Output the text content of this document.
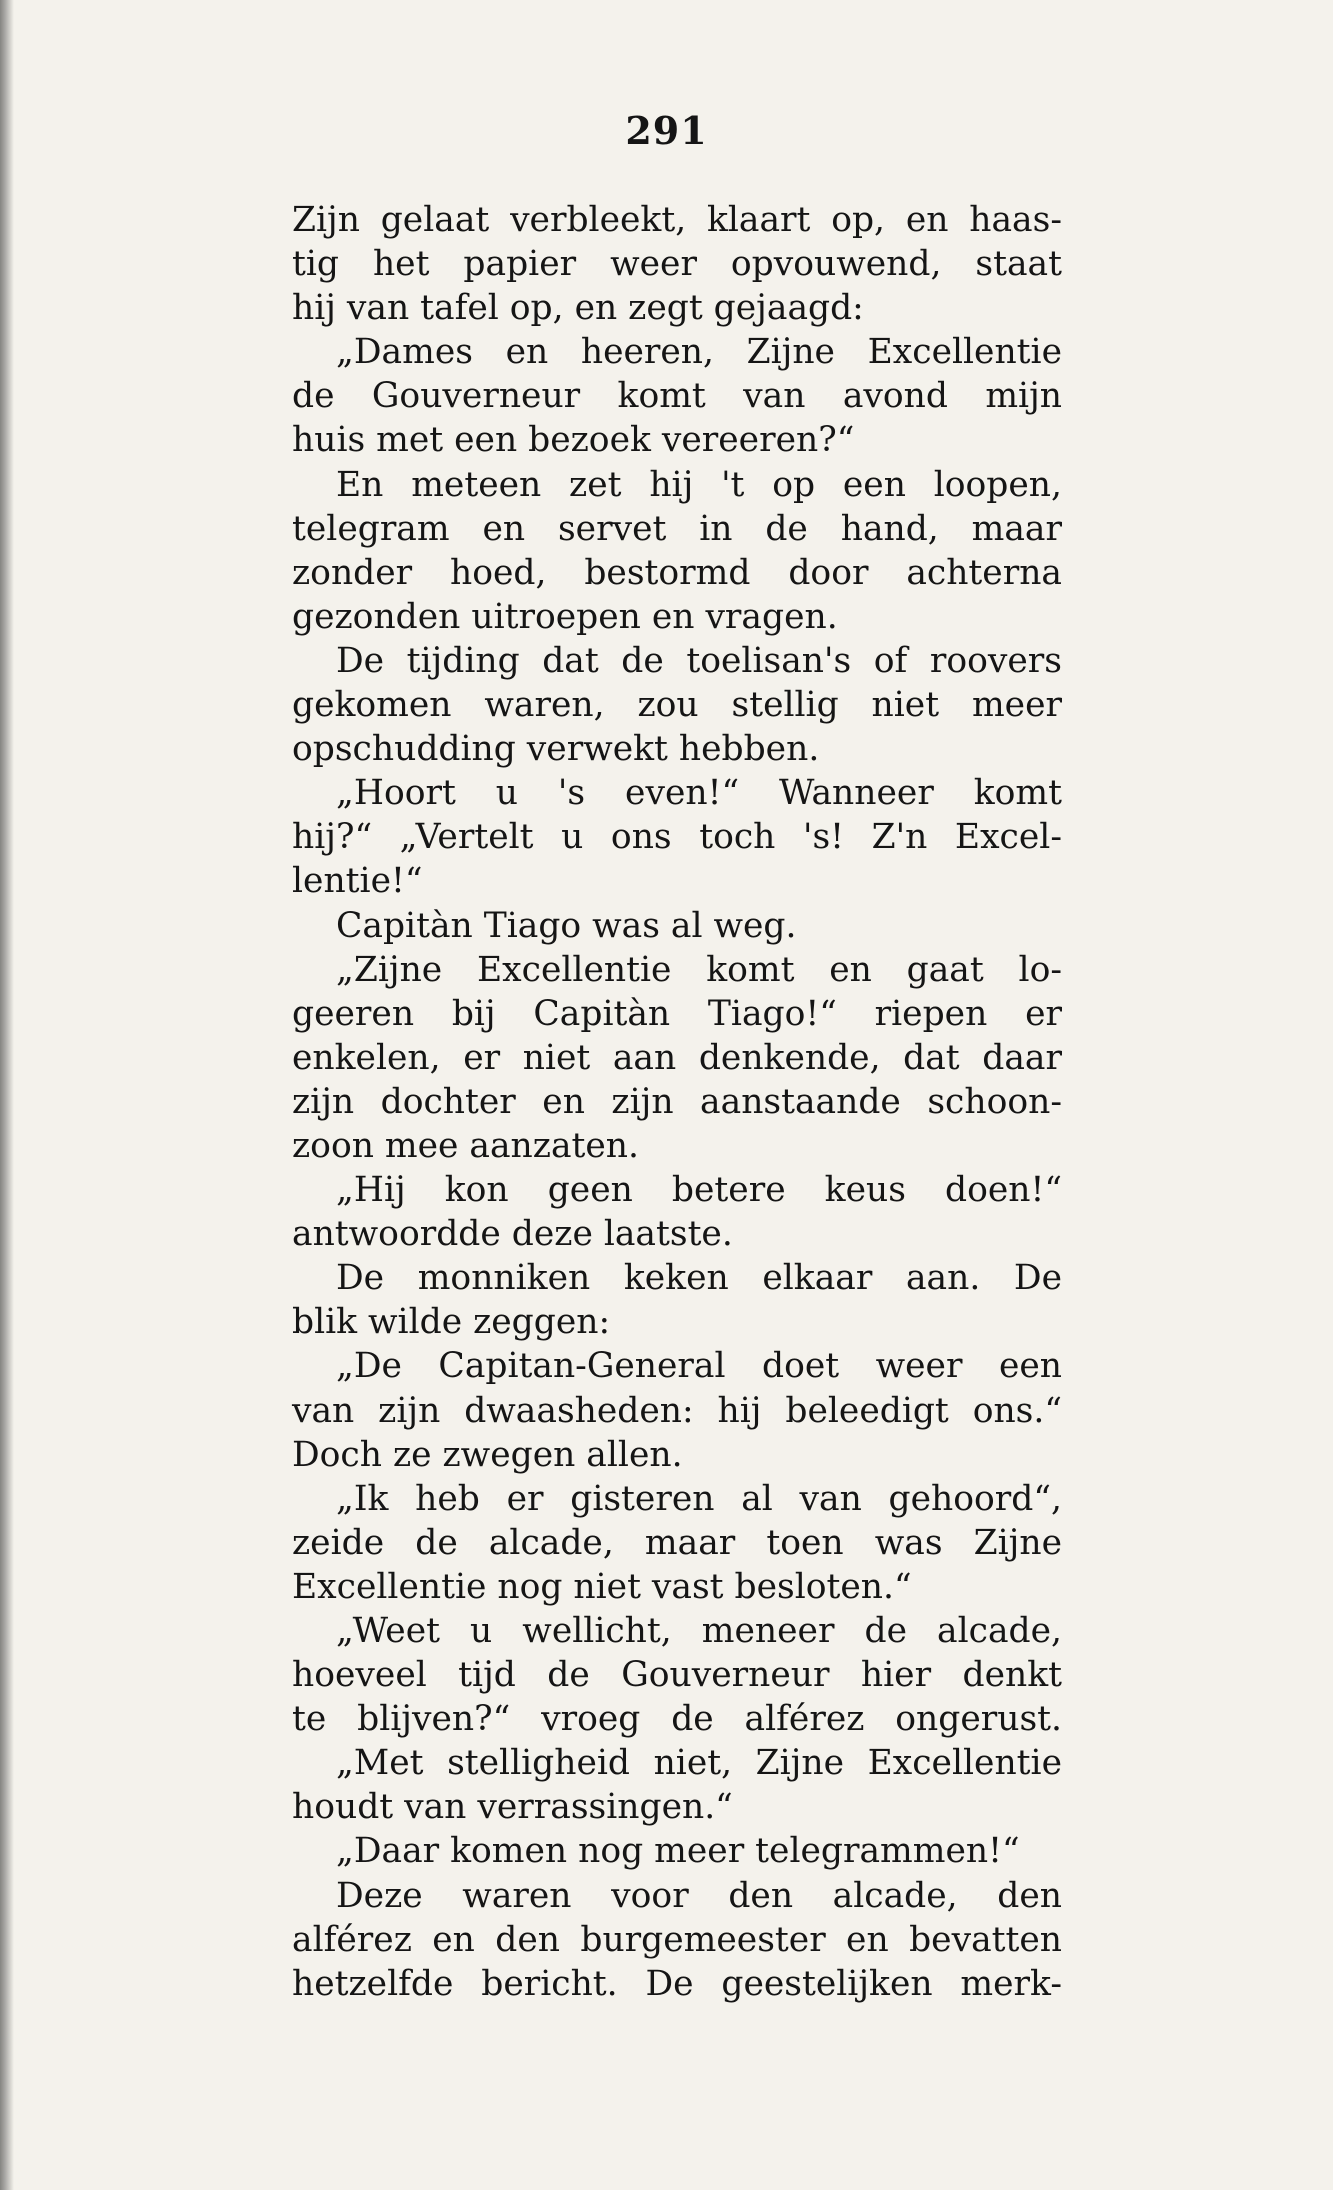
291

Zijn gelaat verbleekt, klaart op, en haas-
tig het papier weer opvouwend, staat
hij van tafel op, en zegt gejaagd:
„Dames en heeren, Zijne Excellentie
de Gouverneur komt van avond mijn
huis met een bezoek vereeren?“
En meteen zet hij 't op een loopen,
telegram en servet in de hand, maar
zonder hoed, bestormd door achterna
gezonden uitroepen en vragen.
De tijding dat de toelisan's of roovers
gekomen waren, zou stellig niet meer
opschudding verwekt hebben.
„Hoort u 's even!“ Wanneer komt
hij?“ „Vertelt u ons toch 's! Z'n Excel-
lentie!“
Capitàn Tiago was al weg.
„Zijne Excellentie komt en gaat lo-
geeren bij Capitàn Tiago!“ riepen er
enkelen, er niet aan denkende, dat daar
zijn dochter en zijn aanstaande schoon-
zoon mee aanzaten.
„Hij kon geen betere keus doen!“
antwoordde deze laatste.
De monniken keken elkaar aan. De
blik wilde zeggen:
„De Capitan-General doet weer een
van zijn dwaasheden: hij beleedigt ons.“
Doch ze zwegen allen.
„Ik heb er gisteren al van gehoord“,
zeide de alcade, maar toen was Zijne
Excellentie nog niet vast besloten.“
„Weet u wellicht, meneer de alcade,
hoeveel tijd de Gouverneur hier denkt
te blijven?“ vroeg de alférez ongerust.
„Met stelligheid niet, Zijne Excellentie
houdt van verrassingen.“
„Daar komen nog meer telegrammen!“
Deze waren voor den alcade, den
alférez en den burgemeester en bevatten
hetzelfde bericht. De geestelijken merk-
